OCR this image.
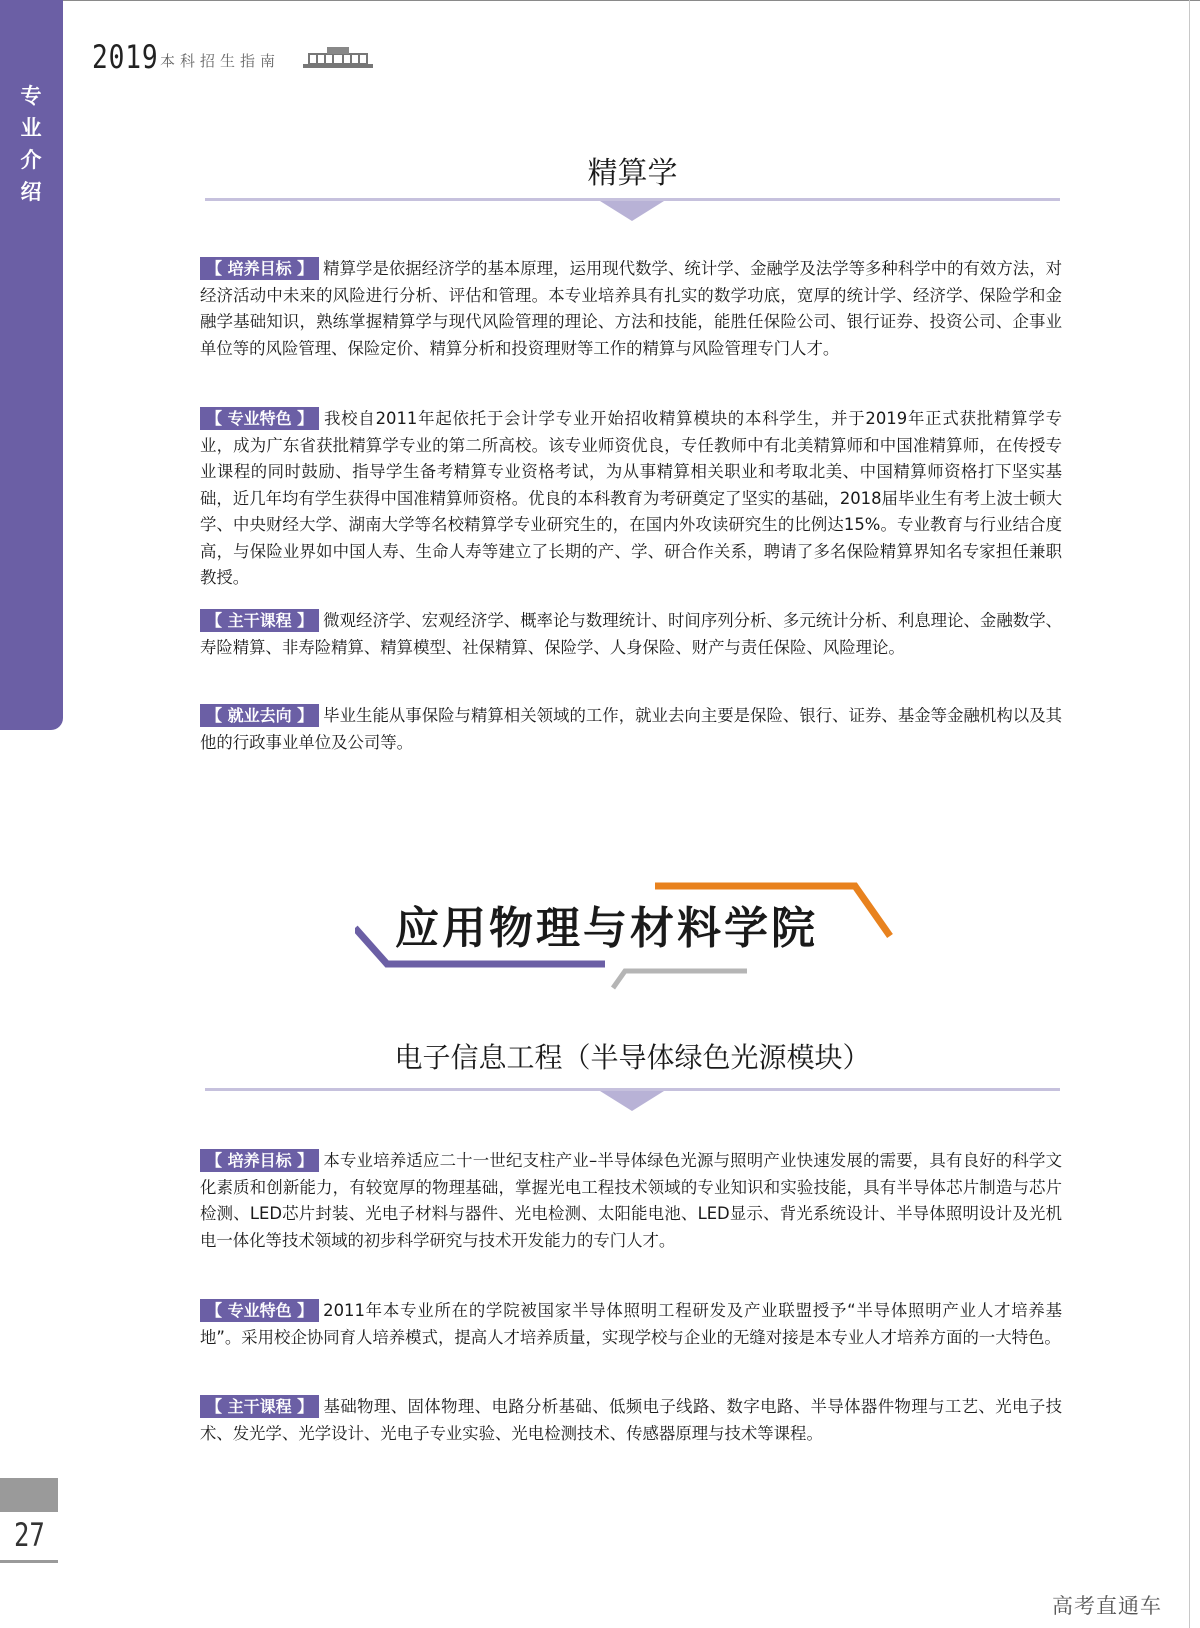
2019 本科招生指南
专业介绍
精算学
【 培养目标 】 精算学是依据经济学的基本原理，运用现代数学、统计学、金融学及法学等多种科学中的有效方法，对经济活动中未来的风险进行分析、评估和管理。本专业培养具有扎实的数学功底，宽厚的统计学、经济学、保险学和金融学基础知识，熟练掌握精算学与现代风险管理的理论、方法和技能，能胜任保险公司、银行证券、投资公司、企事业单位等的风险管理、保险定价、精算分析和投资理财等工作的精算与风险管理专门人才。
【 专业特色 】 我校自2011年起依托于会计学专业开始招收精算模块的本科学生，并于2019年正式获批精算学专业，成为广东省获批精算学专业的第二所高校。该专业师资优良，专任教师中有北美精算师和中国准精算师，在传授专业课程的同时鼓励、指导学生备考精算专业资格考试，为从事精算相关职业和考取北美、中国精算师资格打下坚实基础，近几年均有学生获得中国准精算师资格。优良的本科教育为考研奠定了坚实的基础，2018届毕业生有考上波士顿大学、中央财经大学、湖南大学等名校精算学专业研究生的，在国内外攻读研究生的比例达15%。专业教育与行业结合度高，与保险业界如中国人寿、生命人寿等建立了长期的产、学、研合作关系，聘请了多名保险精算界知名专家担任兼职教授。
【 主干课程 】 微观经济学、宏观经济学、概率论与数理统计、时间序列分析、多元统计分析、利息理论、金融数学、寿险精算、非寿险精算、精算模型、社保精算、保险学、人身保险、财产与责任保险、风险理论。
【 就业去向 】 毕业生能从事保险与精算相关领域的工作，就业去向主要是保险、银行、证券、基金等金融机构以及其他的行政事业单位及公司等。
应用物理与材料学院
电子信息工程（半导体绿色光源模块）
【 培养目标 】 本专业培养适应二十一世纪支柱产业–半导体绿色光源与照明产业快速发展的需要，具有良好的科学文化素质和创新能力，有较宽厚的物理基础，掌握光电工程技术领域的专业知识和实验技能，具有半导体芯片制造与芯片检测、LED芯片封装、光电子材料与器件、光电检测、太阳能电池、LED显示、背光系统设计、半导体照明设计及光机电一体化等技术领域的初步科学研究与技术开发能力的专门人才。
【 专业特色 】 2011年本专业所在的学院被国家半导体照明工程研发及产业联盟授予“半导体照明产业人才培养基地”。采用校企协同育人培养模式，提高人才培养质量，实现学校与企业的无缝对接是本专业人才培养方面的一大特色。
【 主干课程 】 基础物理、固体物理、电路分析基础、低频电子线路、数字电路、半导体器件物理与工艺、光电子技术、发光学、光学设计、光电子专业实验、光电检测技术、传感器原理与技术等课程。
27
高考直通车
